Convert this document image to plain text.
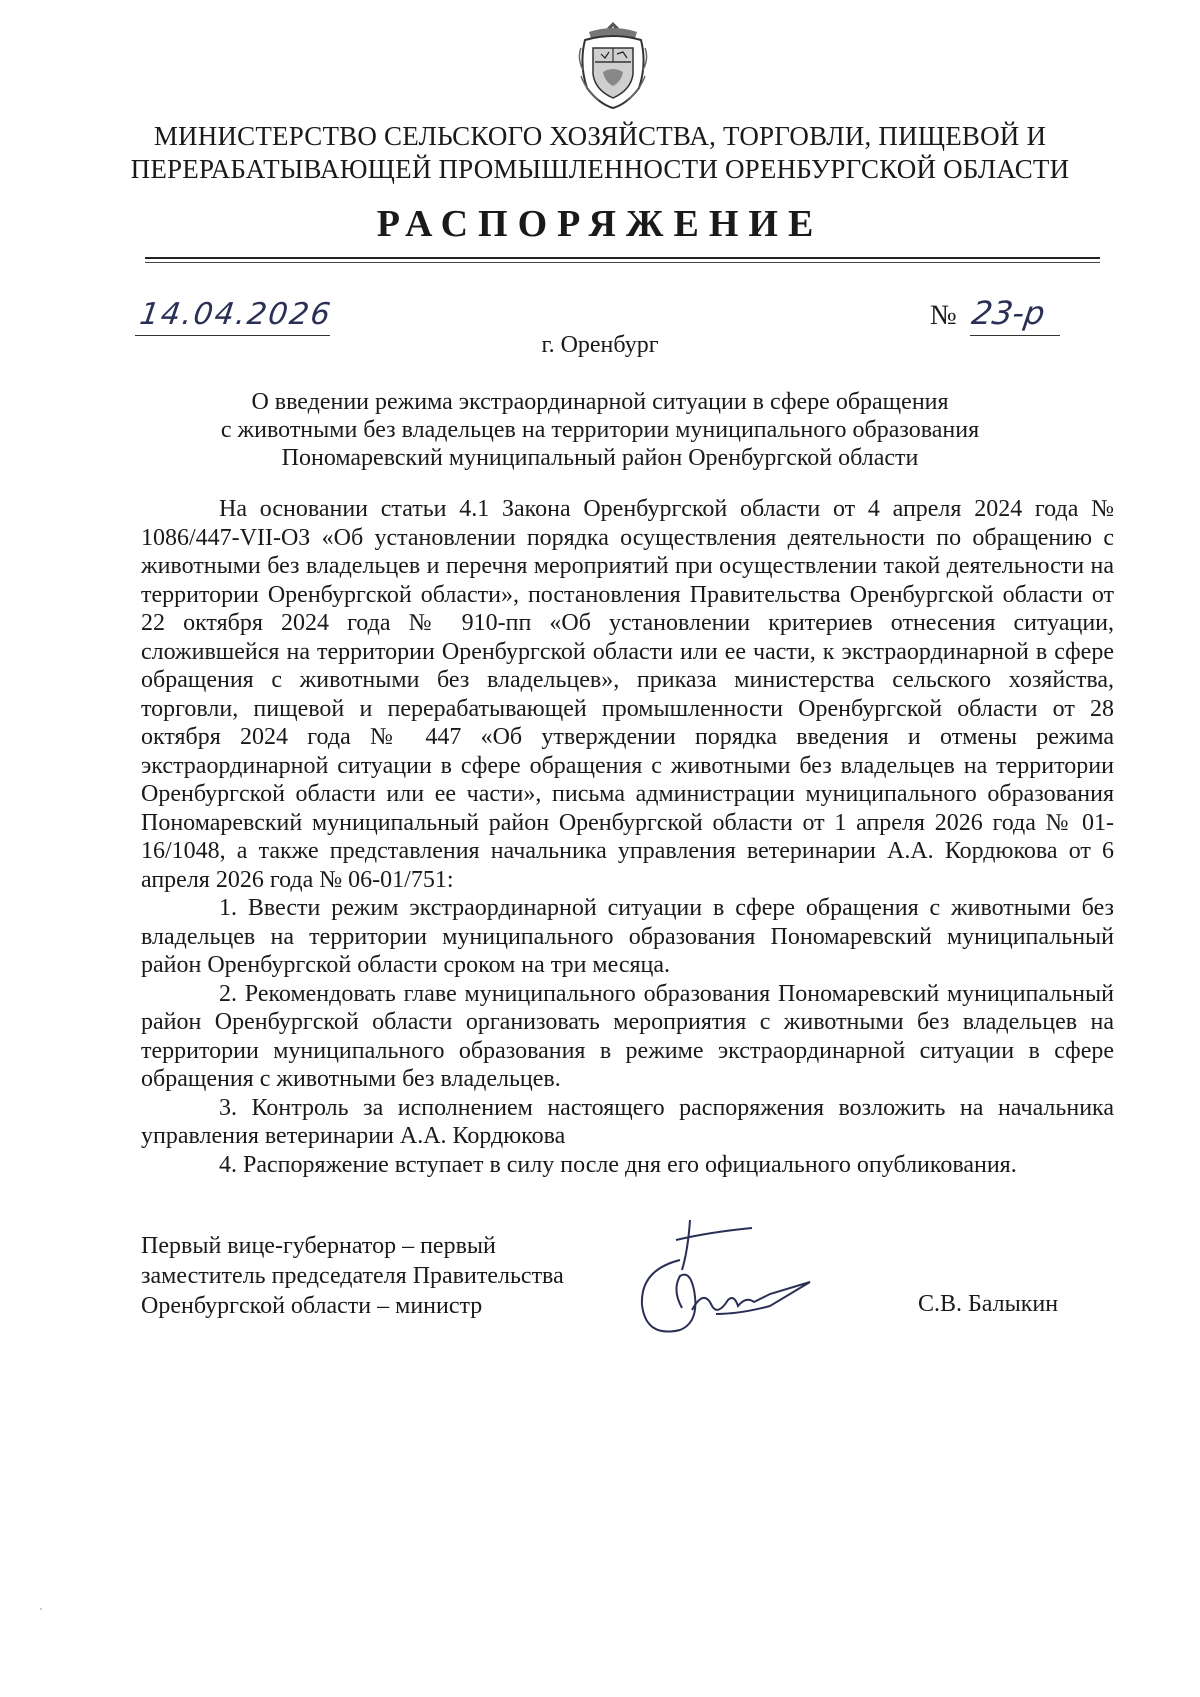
МИНИСТЕРСТВО СЕЛЬСКОГО ХОЗЯЙСТВА, ТОРГОВЛИ, ПИЩЕВОЙ И
ПЕРЕРАБАТЫВАЮЩЕЙ ПРОМЫШЛЕННОСТИ ОРЕНБУРГСКОЙ ОБЛАСТИ
РАСПОРЯЖЕНИЕ
14.04.2026	№ 23-р
г. Оренбург
О введении режима экстраординарной ситуации в сфере обращения
с животными без владельцев на территории муниципального образования
Пономаревский муниципальный район Оренбургской области

На основании статьи 4.1 Закона Оренбургской области от 4 апреля 2024 года № 1086/447-VII-ОЗ «Об установлении порядка осуществления деятельности по обращению с животными без владельцев и перечня мероприятий при осуществлении такой деятельности на территории Оренбургской области», постановления Правительства Оренбургской области от 22 октября 2024 года № 910-пп «Об установлении критериев отнесения ситуации, сложившейся на территории Оренбургской области или ее части, к экстраординарной в сфере обращения с животными без владельцев», приказа министерства сельского хозяйства, торговли, пищевой и перерабатывающей промышленности Оренбургской области от 28 октября 2024 года № 447 «Об утверждении порядка введения и отмены режима экстраординарной ситуации в сфере обращения с животными без владельцев на территории Оренбургской области или ее части», письма администрации муниципального образования Пономаревский муниципальный район Оренбургской области от 1 апреля 2026 года № 01-16/1048, а также представления начальника управления ветеринарии А.А. Кордюкова от 6 апреля 2026 года № 06-01/751:

1. Ввести режим экстраординарной ситуации в сфере обращения с животными без владельцев на территории муниципального образования Пономаревский муниципальный район Оренбургской области сроком на три месяца.

2. Рекомендовать главе муниципального образования Пономаревский муниципальный район Оренбургской области организовать мероприятия с животными без владельцев на территории муниципального образования в режиме экстраординарной ситуации в сфере обращения с животными без владельцев.

3. Контроль за исполнением настоящего распоряжения возложить на начальника управления ветеринарии А.А. Кордюкова

4. Распоряжение вступает в силу после дня его официального опубликования.

Первый вице-губернатор – первый
заместитель председателя Правительства
Оренбургской области – министр	С.В. Балыкин
